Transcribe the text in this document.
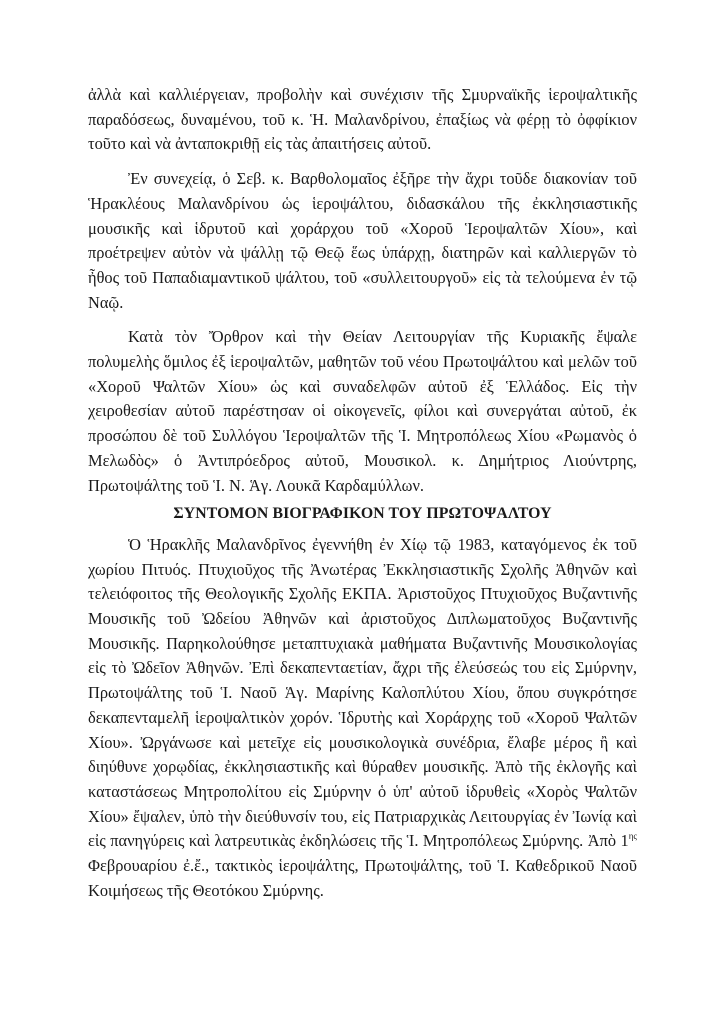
ἀλλὰ καὶ καλλιέργειαν, προβολὴν καὶ συνέχισιν τῆς Σμυρναϊκῆς ἱεροψαλτικῆς παραδόσεως, δυναμένου, τοῦ κ. Ἡ. Μαλανδρίνου, ἐπαξίως νὰ φέρῃ τὸ ὀφφίκιον τοῦτο καὶ νὰ ἀνταποκριθῇ εἰς τὰς ἀπαιτήσεις αὐτοῦ.

Ἐν συνεχείᾳ, ὁ Σεβ. κ. Βαρθολομαῖος ἐξῆρε τὴν ἄχρι τοῦδε διακονίαν τοῦ Ἡρακλέους Μαλανδρίνου ὡς ἱεροψάλτου, διδασκάλου τῆς ἐκκλησιαστικῆς μουσικῆς καὶ ἱδρυτοῦ καὶ χοράρχου τοῦ «Χοροῦ Ἱεροψαλτῶν Χίου», καὶ προέτρεψεν αὐτὸν νὰ ψάλλῃ τῷ Θεῷ ἕως ὑπάρχῃ, διατηρῶν καὶ καλλιεργῶν τὸ ἦθος τοῦ Παπαδιαμαντικοῦ ψάλτου, τοῦ «συλλειτουργοῦ» εἰς τὰ τελούμενα ἐν τῷ Ναῷ.

Κατὰ τὸν Ὄρθρον καὶ τὴν Θείαν Λειτουργίαν τῆς Κυριακῆς ἔψαλε πολυμελὴς ὅμιλος ἐξ ἱεροψαλτῶν, μαθητῶν τοῦ νέου Πρωτοψάλτου καὶ μελῶν τοῦ «Χοροῦ Ψαλτῶν Χίου» ὡς καὶ συναδελφῶν αὐτοῦ ἐξ Ἑλλάδος. Εἰς τὴν χειροθεσίαν αὐτοῦ παρέστησαν οἱ οἰκογενεῖς, φίλοι καὶ συνεργάται αὐτοῦ, ἐκ προσώπου δὲ τοῦ Συλλόγου Ἱεροψαλτῶν τῆς Ἱ. Μητροπόλεως Χίου «Ρωμανὸς ὁ Μελωδὸς» ὁ Ἀντιπρόεδρος αὐτοῦ, Μουσικολ. κ. Δημήτριος Λιούντρης, Πρωτοψάλτης τοῦ Ἱ. Ν. Ἁγ. Λουκᾶ Καρδαμύλλων.

ΣΥΝΤΟΜΟΝ ΒΙΟΓΡΑΦΙΚΟΝ ΤΟΥ ΠΡΩΤΟΨΑΛΤΟΥ

Ὁ Ἡρακλῆς Μαλανδρῖνος ἐγεννήθη ἐν Χίῳ τῷ 1983, καταγόμενος ἐκ τοῦ χωρίου Πιτυός. Πτυχιοῦχος τῆς Ἀνωτέρας Ἐκκλησιαστικῆς Σχολῆς Ἀθηνῶν καὶ τελειόφοιτος τῆς Θεολογικῆς Σχολῆς ΕΚΠΑ. Ἀριστοῦχος Πτυχιοῦχος Βυζαντινῆς Μουσικῆς τοῦ Ὠδείου Ἀθηνῶν καὶ ἀριστοῦχος Διπλωματοῦχος Βυζαντινῆς Μουσικῆς. Παρηκολούθησε μεταπτυχιακὰ μαθήματα Βυζαντινῆς Μουσικολογίας εἰς τὸ Ὠδεῖον Ἀθηνῶν. Ἐπὶ δεκαπενταετίαν, ἄχρι τῆς ἐλεύσεώς του εἰς Σμύρνην, Πρωτοψάλτης τοῦ Ἱ. Ναοῦ Ἁγ. Μαρίνης Καλοπλύτου Χίου, ὅπου συγκρότησε δεκαπενταμελῆ ἱεροψαλτικὸν χορόν. Ἱδρυτὴς καὶ Χοράρχης τοῦ «Χοροῦ Ψαλτῶν Χίου». Ὠργάνωσε καὶ μετεῖχε εἰς μουσικολογικὰ συνέδρια, ἔλαβε μέρος ἢ καὶ διηύθυνε χορῳδίας, ἐκκλησιαστικῆς καὶ θύραθεν μουσικῆς. Ἀπὸ τῆς ἐκλογῆς καὶ καταστάσεως Μητροπολίτου εἰς Σμύρνην ὁ ὑπ' αὐτοῦ ἱδρυθεὶς «Χορὸς Ψαλτῶν Χίου» ἔψαλεν, ὑπὸ τὴν διεύθυνσίν του, εἰς Πατριαρχικὰς Λειτουργίας ἐν Ἰωνίᾳ καὶ εἰς πανηγύρεις καὶ λατρευτικὰς ἐκδηλώσεις τῆς Ἱ. Μητροπόλεως Σμύρνης. Ἀπὸ $1^{\eta\varsigma}$ Φεβρουαρίου ἐ.ἔ., τακτικὸς ἱεροψάλτης, Πρωτοψάλτης, τοῦ Ἱ. Καθεδρικοῦ Ναοῦ Κοιμήσεως τῆς Θεοτόκου Σμύρνης.
